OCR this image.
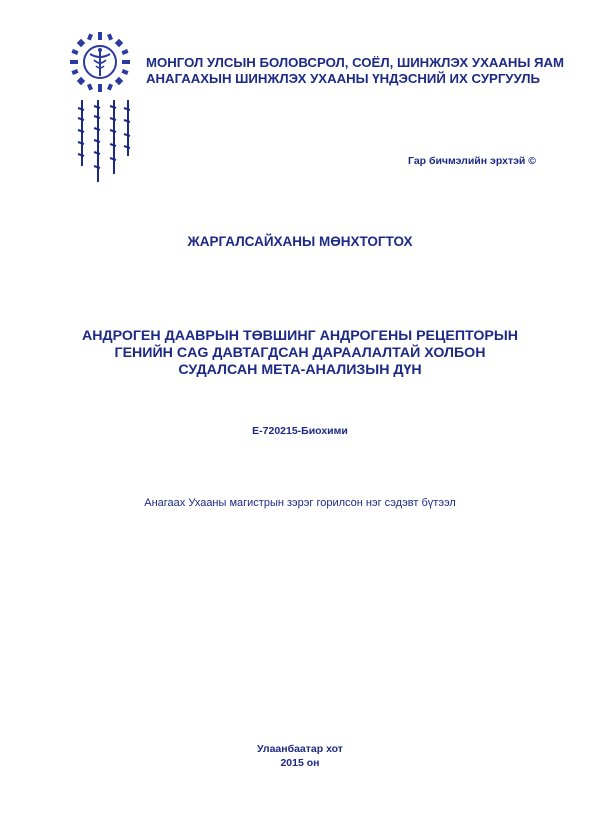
МОНГОЛ УЛСЫН БОЛОВСРОЛ, СОЁЛ, ШИНЖЛЭХ УХААНЫ ЯАМ
АНАГААХЫН ШИНЖЛЭХ УХААНЫ ҮНДЭСНИЙ ИХ СУРГУУЛЬ
Гар бичмэлийн эрхтэй ©
ЖАРГАЛСАЙХАНЫ МӨНХТОГТОХ
АНДРОГЕН ДААВРЫН ТӨВШИНГ АНДРОГЕНЫ РЕЦЕПТОРЫН
ГЕНИЙН CAG ДАВТАГДСАН ДАРААЛАЛТАЙ ХОЛБОН
СУДАЛСАН МЕТА-АНАЛИЗЫН ДҮН
Е-720215-Биохими
Анагаах Ухааны магистрын зэрэг горилсон нэг сэдэвт бүтээл
Улаанбаатар хот
2015 он
